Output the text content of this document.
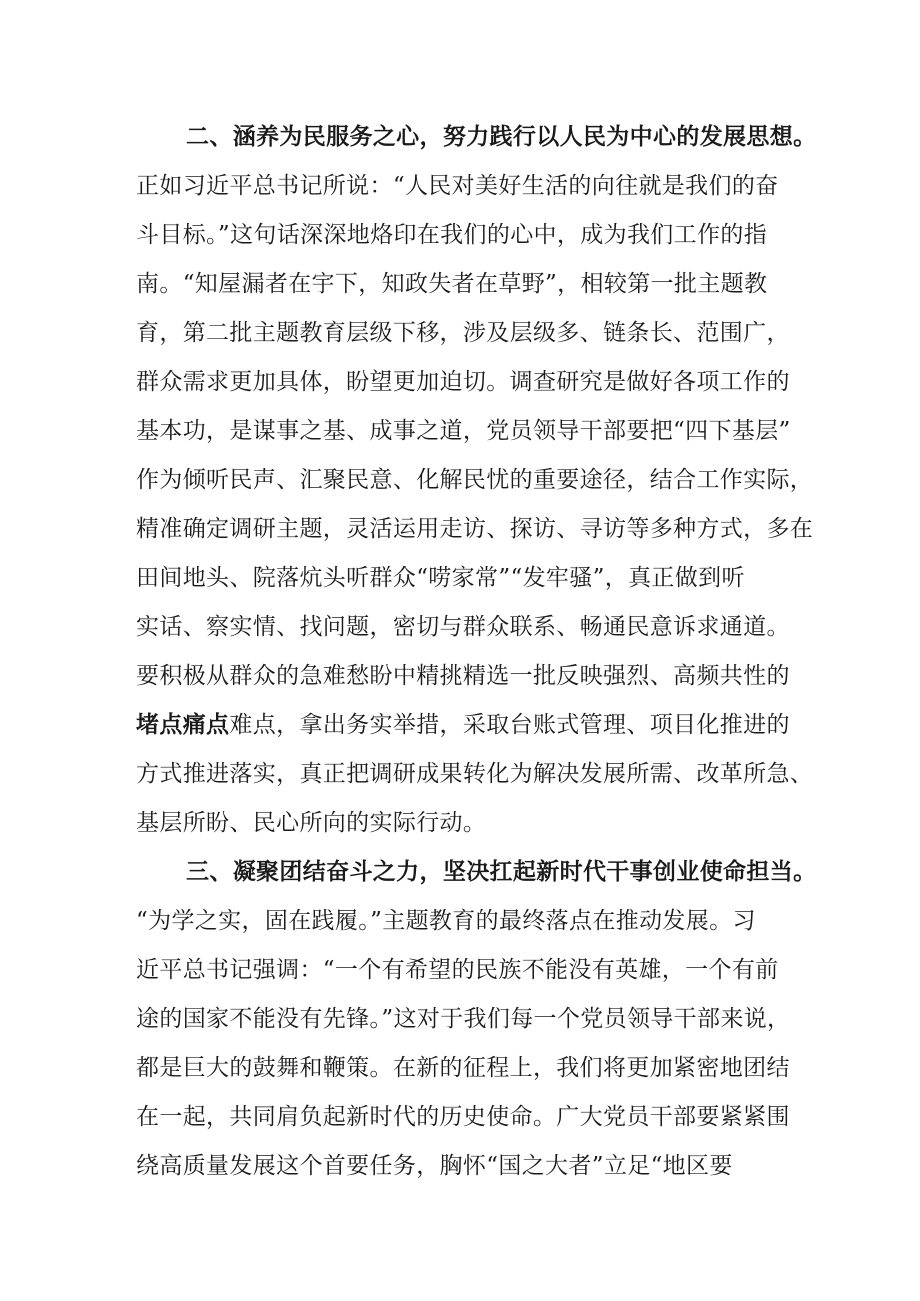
二、涵养为民服务之心，努力践行以人民为中心的发展思想。
正如习近平总书记所说：“人民对美好生活的向往就是我们的奋
斗目标。”这句话深深地烙印在我们的心中，成为我们工作的指
南。“知屋漏者在宇下，知政失者在草野”，相较第一批主题教
育，第二批主题教育层级下移，涉及层级多、链条长、范围广，
群众需求更加具体，盼望更加迫切。调查研究是做好各项工作的
基本功，是谋事之基、成事之道，党员领导干部要把“四下基层”
作为倾听民声、汇聚民意、化解民忧的重要途径，结合工作实际，
精准确定调研主题，灵活运用走访、探访、寻访等多种方式，多在
田间地头、院落炕头听群众“唠家常”“发牢骚”，真正做到听
实话、察实情、找问题，密切与群众联系、畅通民意诉求通道。
要积极从群众的急难愁盼中精挑精选一批反映强烈、高频共性的
堵点痛点难点，拿出务实举措，采取台账式管理、项目化推进的
方式推进落实，真正把调研成果转化为解决发展所需、改革所急、
基层所盼、民心所向的实际行动。
三、凝聚团结奋斗之力，坚决扛起新时代干事创业使命担当。
“为学之实，固在践履。”主题教育的最终落点在推动发展。习
近平总书记强调：“一个有希望的民族不能没有英雄，一个有前
途的国家不能没有先锋。”这对于我们每一个党员领导干部来说，
都是巨大的鼓舞和鞭策。在新的征程上，我们将更加紧密地团结
在一起，共同肩负起新时代的历史使命。广大党员干部要紧紧围
绕高质量发展这个首要任务，胸怀“国之大者”立足“地区要
